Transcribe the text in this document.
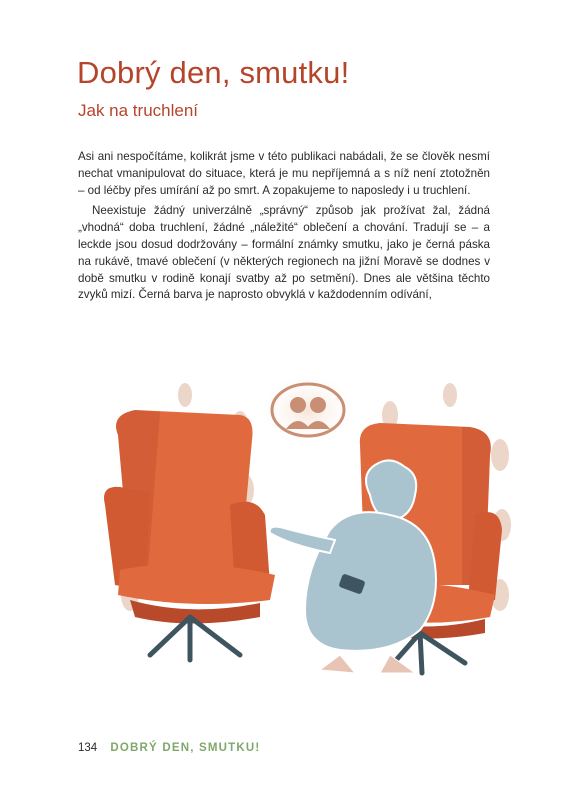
Dobrý den, smutku!
Jak na truchlení

Asi ani nespočítáme, kolikrát jsme v této publikaci nabádali, že se člověk nesmí nechat vmanipulovat do situace, která je mu nepříjemná a s níž není ztotožněn – od léčby přes umírání až po smrt. A zopakujeme to naposledy i u truchlení.

Neexistuje žádný univerzálně „správný“ způsob jak prožívat žal, žádná „vhodná“ doba truchlení, žádné „náležité“ oblečení a chování. Tradují se – a leckde jsou dosud dodržovány – formální známky smutku, jako je černá páska na rukávě, tmavé oblečení (v některých regionech na jižní Moravě se dodnes v době smutku v rodině konají svatby až po setmění). Dnes ale většina těchto zvyků mizí. Černá barva je naprosto obvyklá v každodenním odívání,

134 DOBRÝ DEN, SMUTKU!
